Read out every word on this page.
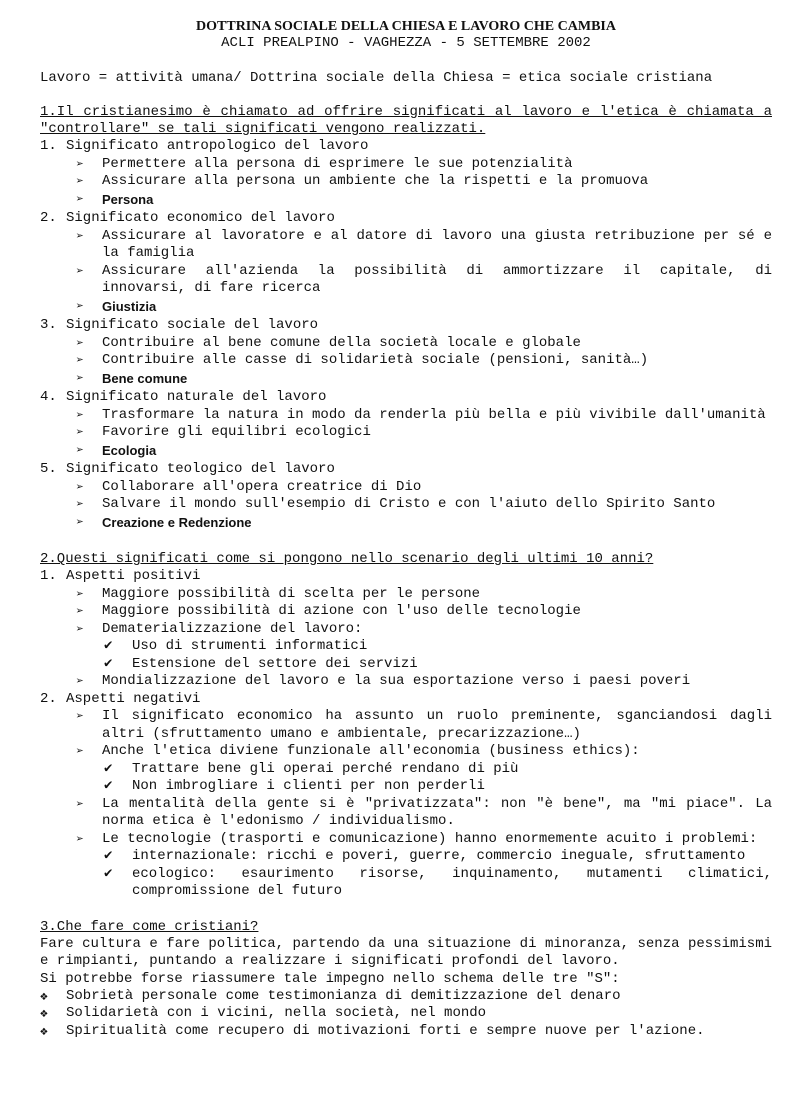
DOTTRINA SOCIALE DELLA CHIESA E LAVORO CHE CAMBIA
ACLI PREALPINO - VAGHEZZA - 5 SETTEMBRE 2002
Lavoro = attività umana/ Dottrina sociale della Chiesa = etica sociale cristiana
1.Il cristianesimo è chiamato ad offrire significati al lavoro e l'etica è chiamata a "controllare" se tali significati vengono realizzati.
1. Significato antropologico del lavoro
➢ Permettere alla persona di esprimere le sue potenzialità
➢ Assicurare alla persona un ambiente che la rispetti e la promuova
➢ Persona
2. Significato economico del lavoro
➢ Assicurare al lavoratore e al datore di lavoro una giusta retribuzione per sé e la famiglia
➢ Assicurare all'azienda la possibilità di ammortizzare il capitale, di innovarsi, di fare ricerca
➢ Giustizia
3. Significato sociale del lavoro
➢ Contribuire al bene comune della società locale e globale
➢ Contribuire alle casse di solidarietà sociale (pensioni, sanità…)
➢ Bene comune
4. Significato naturale del lavoro
➢ Trasformare la natura in modo da renderla più bella e più vivibile dall'umanità
➢ Favorire gli equilibri ecologici
➢ Ecologia
5. Significato teologico del lavoro
➢ Collaborare all'opera creatrice di Dio
➢ Salvare il mondo sull'esempio di Cristo e con l'aiuto dello Spirito Santo
➢ Creazione e Redenzione
2.Questi significati come si pongono nello scenario degli ultimi 10 anni?
1. Aspetti positivi
➢ Maggiore possibilità di scelta per le persone
➢ Maggiore possibilità di azione con l'uso delle tecnologie
➢ Dematerializzazione del lavoro:
✔ Uso di strumenti informatici
✔ Estensione del settore dei servizi
➢ Mondializzazione del lavoro e la sua esportazione verso i paesi poveri
2. Aspetti negativi
➢ Il significato economico ha assunto un ruolo preminente, sganciandosi dagli altri (sfruttamento umano e ambientale, precarizzazione…)
➢ Anche l'etica diviene funzionale all'economia (business ethics):
✔ Trattare bene gli operai perché rendano di più
✔ Non imbrogliare i clienti per non perderli
➢ La mentalità della gente si è "privatizzata": non "è bene", ma "mi piace". La norma etica è l'edonismo / individualismo.
➢ Le tecnologie (trasporti e comunicazione) hanno enormemente acuito i problemi:
✔ internazionale: ricchi e poveri, guerre, commercio ineguale, sfruttamento
✔ ecologico: esaurimento risorse, inquinamento, mutamenti climatici, compromissione del futuro
3.Che fare come cristiani?
Fare cultura e fare politica, partendo da una situazione di minoranza, senza pessimismi e rimpianti, puntando a realizzare i significati profondi del lavoro.
Si potrebbe forse riassumere tale impegno nello schema delle tre "S":
❖ Sobrietà personale come testimonianza di demitizzazione del denaro
❖ Solidarietà con i vicini, nella società, nel mondo
❖ Spiritualità come recupero di motivazioni forti e sempre nuove per l'azione.
